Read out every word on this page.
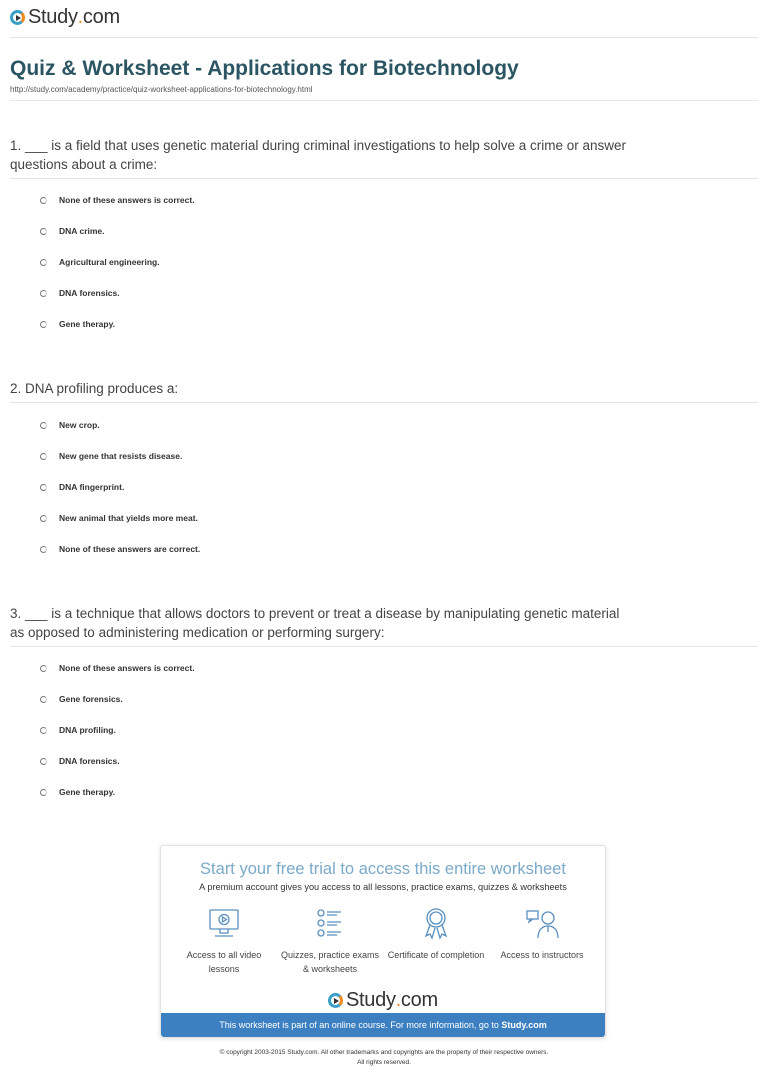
Study . com
Quiz & Worksheet - Applications for Biotechnology
http://study.com/academy/practice/quiz-worksheet-applications-for-biotechnology.html
1. ___ is a field that uses genetic material during criminal investigations to help solve a crime or answer questions about a crime:
None of these answers is correct.
DNA crime.
Agricultural engineering.
DNA forensics.
Gene therapy.
2. DNA profiling produces a:
New crop.
New gene that resists disease.
DNA fingerprint.
New animal that yields more meat.
None of these answers are correct.
3. ___ is a technique that allows doctors to prevent or treat a disease by manipulating genetic material as opposed to administering medication or performing surgery:
None of these answers is correct.
Gene forensics.
DNA profiling.
DNA forensics.
Gene therapy.
Start your free trial to access this entire worksheet
A premium account gives you access to all lessons, practice exams, quizzes & worksheets
Access to all video lessons
Quizzes, practice exams & worksheets
Certificate of completion	Access to instructors
Study . com
This worksheet is part of an online course. For more information, go to Study.com
© copyright 2003-2015 Study.com. All other trademarks and copyrights are the property of their respective owners.
All rights reserved.
